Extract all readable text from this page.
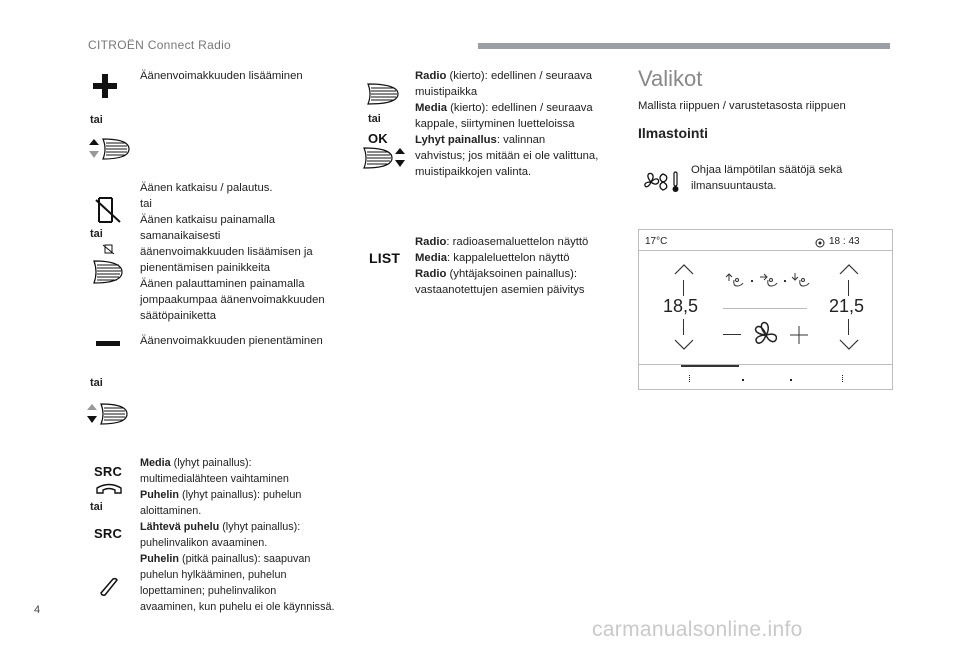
CITROËN Connect Radio
Äänenvoimakkuuden lisääminen
tai
Äänen katkaisu / palautus.
tai
Äänen katkaisu painamalla
samanaikaisesti
äänenvoimakkuuden lisäämisen ja
pienentämisen painikkeita
Äänen palauttaminen painamalla
jompaakumpaa äänenvoimakkuuden
säätöpainiketta
tai
Äänenvoimakkuuden pienentäminen
tai
SRC
tai
SRC
Media (lyhyt painallus):
multimedialähteen vaihtaminen
Puhelin (lyhyt painallus): puhelun
aloittaminen.
Lähtevä puhelu (lyhyt painallus):
puhelinvalikon avaaminen.
Puhelin (pitkä painallus): saapuvan
puhelun hylkääminen, puhelun
lopettaminen; puhelinvalikon
avaaminen, kun puhelu ei ole käynnissä.
tai
OK
Radio (kierto): edellinen / seuraava
muistipaikka
Media (kierto): edellinen / seuraava
kappale, siirtyminen luetteloissa
Lyhyt painallus: valinnan
vahvistus; jos mitään ei ole valittuna,
muistipaikkojen valinta.
LIST
Radio: radioasemaluettelon näyttö
Media: kappaleluettelon näyttö
Radio (yhtäjaksoinen painallus):
vastaanotettujen asemien päivitys
Valikot
Mallista riippuen / varustetasosta riippuen
Ilmastointi
Ohjaa lämpötilan säätöjä sekä
ilmansuuntausta.
17°C	18 : 43
18,5	21,5
4
carmanualsonline.info
